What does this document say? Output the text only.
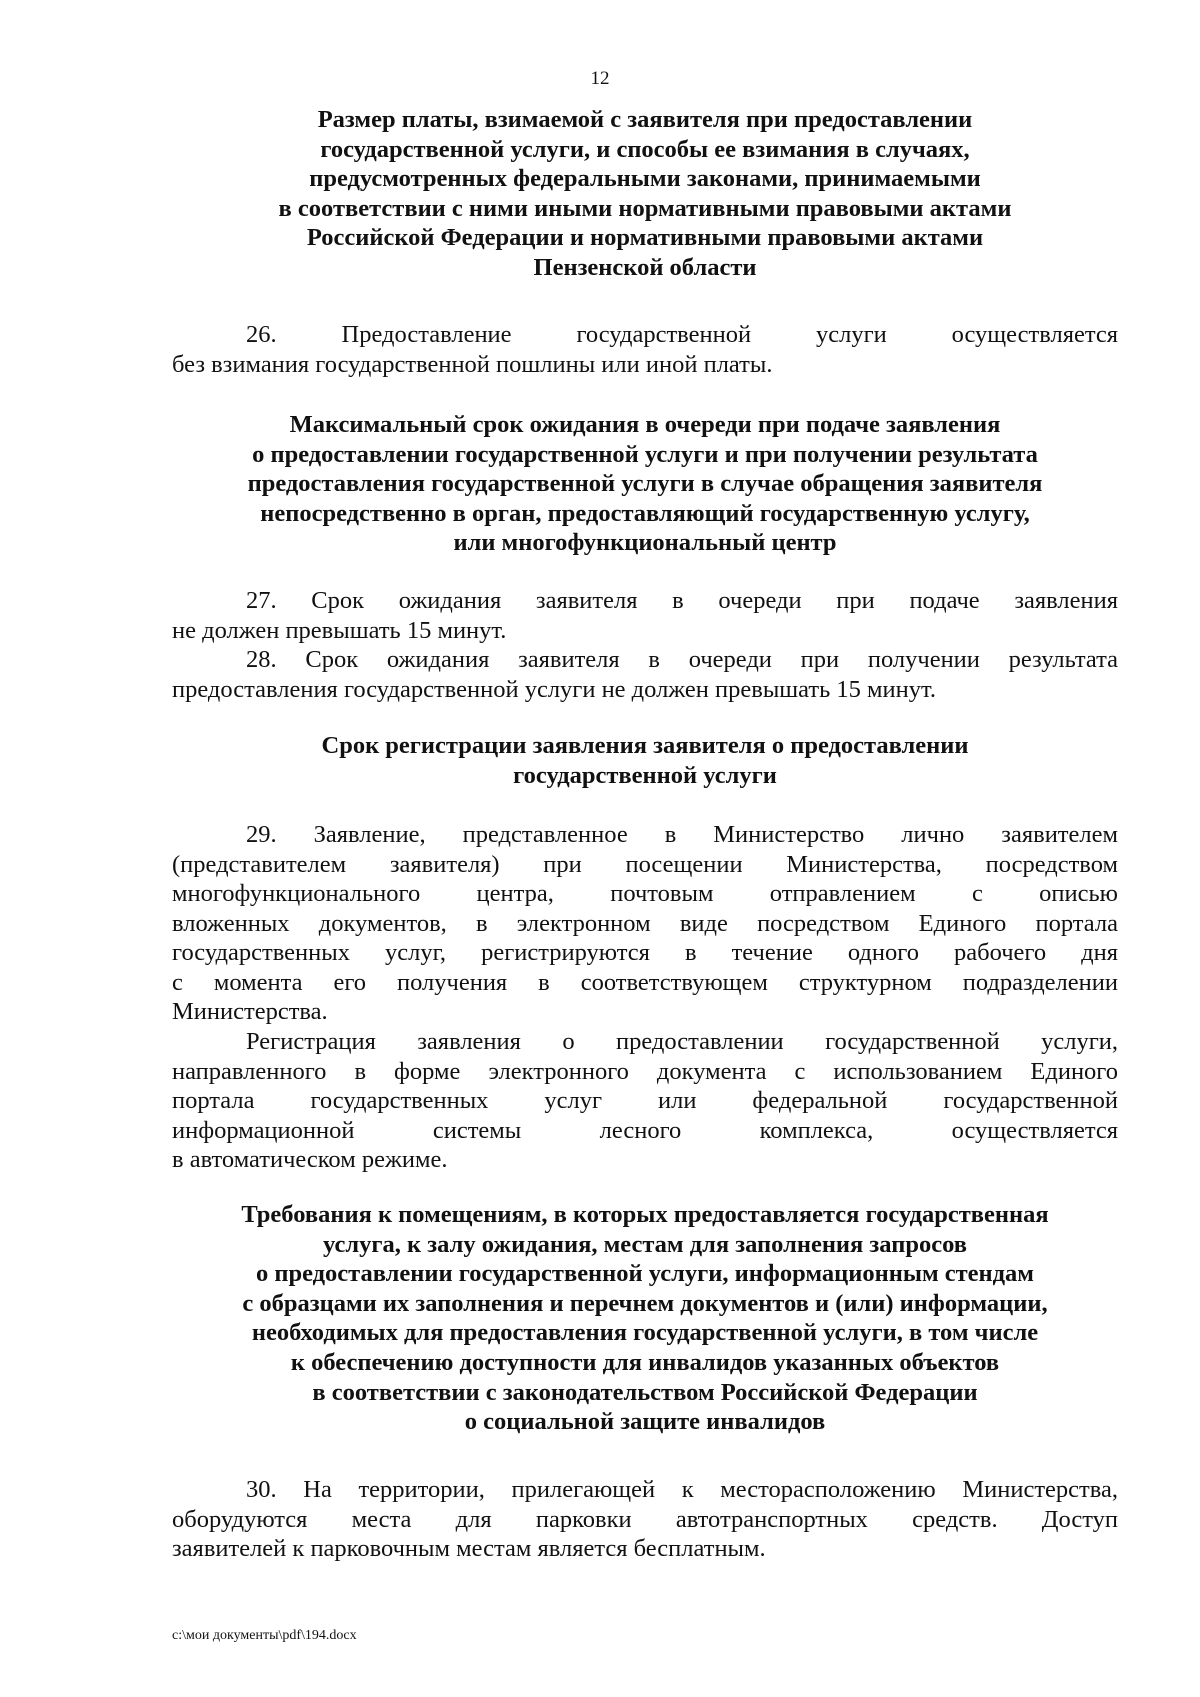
12
Размер платы, взимаемой с заявителя при предоставлении
государственной услуги, и способы ее взимания в случаях,
предусмотренных федеральными законами, принимаемыми
в соответствии с ними иными нормативными правовыми актами
Российской Федерации и нормативными правовыми актами
Пензенской области
26. Предоставление государственной услуги осуществляется
без взимания государственной пошлины или иной платы.
Максимальный срок ожидания в очереди при подаче заявления
о предоставлении государственной услуги и при получении результата
предоставления государственной услуги в случае обращения заявителя
непосредственно в орган, предоставляющий государственную услугу,
или многофункциональный центр
27. Срок ожидания заявителя в очереди при подаче заявления
не должен превышать 15 минут.
28. Срок ожидания заявителя в очереди при получении результата
предоставления государственной услуги не должен превышать 15 минут.
Срок регистрации заявления заявителя о предоставлении
государственной услуги
29. Заявление, представленное в Министерство лично заявителем
(представителем заявителя) при посещении Министерства, посредством
многофункционального центра, почтовым отправлением с описью
вложенных документов, в электронном виде посредством Единого портала
государственных услуг, регистрируются в течение одного рабочего дня
с момента его получения в соответствующем структурном подразделении
Министерства.
Регистрация заявления о предоставлении государственной услуги,
направленного в форме электронного документа с использованием Единого
портала государственных услуг или федеральной государственной
информационной системы лесного комплекса, осуществляется
в автоматическом режиме.
Требования к помещениям, в которых предоставляется государственная
услуга, к залу ожидания, местам для заполнения запросов
о предоставлении государственной услуги, информационным стендам
с образцами их заполнения и перечнем документов и (или) информации,
необходимых для предоставления государственной услуги, в том числе
к обеспечению доступности для инвалидов указанных объектов
в соответствии с законодательством Российской Федерации
о социальной защите инвалидов
30. На территории, прилегающей к месторасположению Министерства,
оборудуются места для парковки автотранспортных средств. Доступ
заявителей к парковочным местам является бесплатным.
c:\мои документы\pdf\194.docx
